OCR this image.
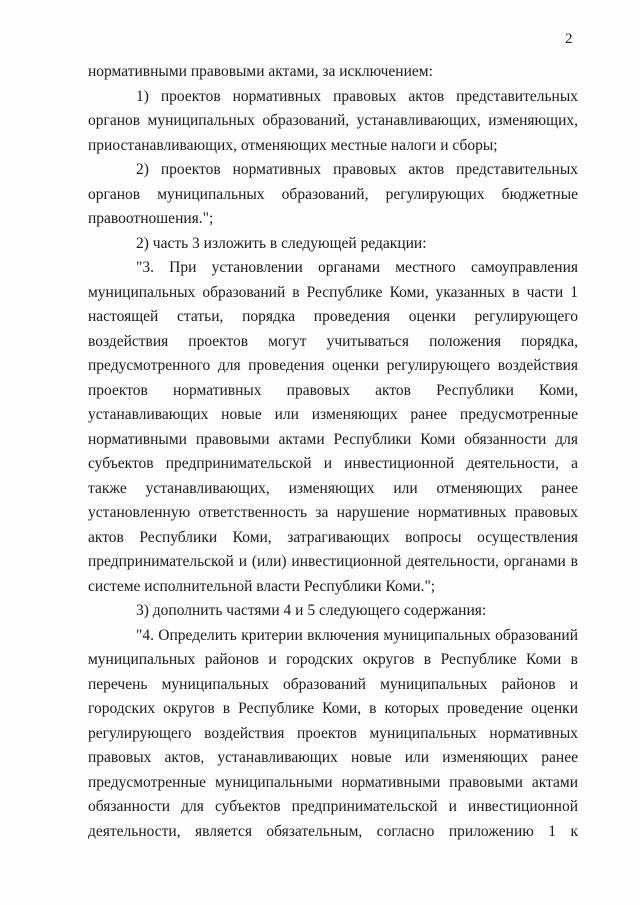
2

нормативными правовыми актами, за исключением:

1) проектов нормативных правовых актов представительных органов муниципальных образований, устанавливающих, изменяющих, приостанавливающих, отменяющих местные налоги и сборы;

2) проектов нормативных правовых актов представительных органов муниципальных образований, регулирующих бюджетные правоотношения.";

2) часть 3 изложить в следующей редакции:

"3. При установлении органами местного самоуправления муниципальных образований в Республике Коми, указанных в части 1 настоящей статьи, порядка проведения оценки регулирующего воздействия проектов могут учитываться положения порядка, предусмотренного для проведения оценки регулирующего воздействия проектов нормативных правовых актов Республики Коми, устанавливающих новые или изменяющих ранее предусмотренные нормативными правовыми актами Республики Коми обязанности для субъектов предпринимательской и инвестиционной деятельности, а также устанавливающих, изменяющих или отменяющих ранее установленную ответственность за нарушение нормативных правовых актов Республики Коми, затрагивающих вопросы осуществления предпринимательской и (или) инвестиционной деятельности, органами в системе исполнительной власти Республики Коми.";

3) дополнить частями 4 и 5 следующего содержания:

"4. Определить критерии включения муниципальных образований муниципальных районов и городских округов в Республике Коми в перечень муниципальных образований муниципальных районов и городских округов в Республике Коми, в которых проведение оценки регулирующего воздействия проектов муниципальных нормативных правовых актов, устанавливающих новые или изменяющих ранее предусмотренные муниципальными нормативными правовыми актами обязанности для субъектов предпринимательской и инвестиционной деятельности, является обязательным, согласно приложению 1 к
